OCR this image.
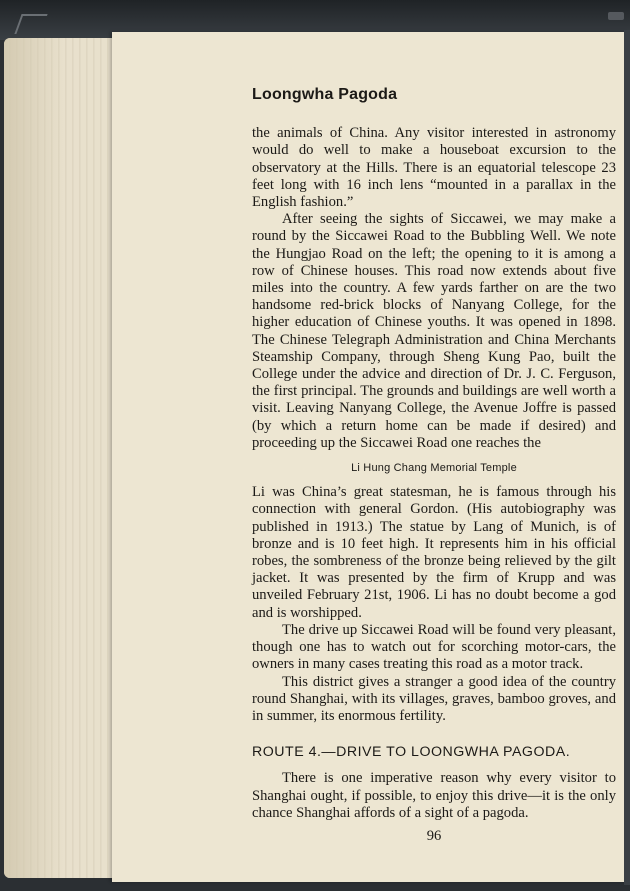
Loongwha Pagoda

the animals of China. Any visitor interested in astronomy would do well to make a houseboat excursion to the observatory at the Hills. There is an equatorial telescope 23 feet long with 16 inch lens “mounted in a parallax in the English fashion.”

After seeing the sights of Siccawei, we may make a round by the Siccawei Road to the Bubbling Well. We note the Hungjao Road on the left; the opening to it is among a row of Chinese houses. This road now extends about five miles into the country. A few yards farther on are the two handsome red-brick blocks of Nanyang College, for the higher education of Chinese youths. It was opened in 1898. The Chinese Telegraph Administration and China Merchants Steamship Company, through Sheng Kung Pao, built the College under the advice and direction of Dr. J. C. Ferguson, the first principal. The grounds and buildings are well worth a visit. Leaving Nanyang College, the Avenue Joffre is passed (by which a return home can be made if desired) and proceeding up the Siccawei Road one reaches the

Li Hung Chang Memorial Temple

Li was China’s great statesman, he is famous through his connection with general Gordon. (His autobiography was published in 1913.) The statue by Lang of Munich, is of bronze and is 10 feet high. It represents him in his official robes, the sombreness of the bronze being relieved by the gilt jacket. It was presented by the firm of Krupp and was unveiled February 21st, 1906. Li has no doubt become a god and is worshipped.

The drive up Siccawei Road will be found very pleasant, though one has to watch out for scorching motor-cars, the owners in many cases treating this road as a motor track.

This district gives a stranger a good idea of the country round Shanghai, with its villages, graves, bamboo groves, and in summer, its enormous fertility.

ROUTE 4.—DRIVE TO LOONGWHA PAGODA.

There is one imperative reason why every visitor to Shanghai ought, if possible, to enjoy this drive—it is the only chance Shanghai affords of a sight of a pagoda.

96
